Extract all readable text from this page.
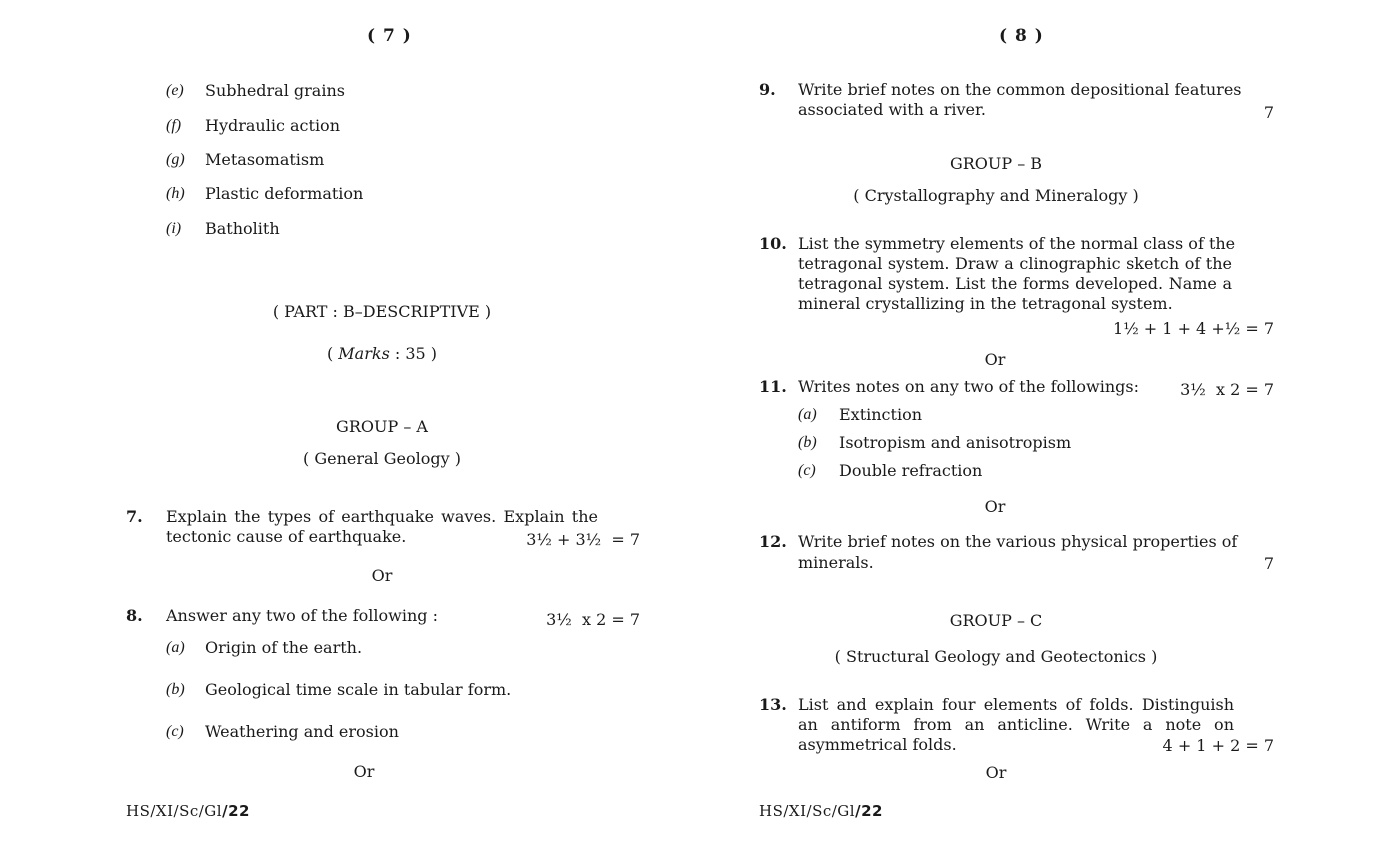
( 7 )
(e) Subhedral grains
(f) Hydraulic action
(g) Metasomatism
(h) Plastic deformation
(i) Batholith
( PART : B–DESCRIPTIVE )
( Marks : 35 )
GROUP – A
( General Geology )
7. Explain the types of earthquake waves. Explain the
tectonic cause of earthquake.	3½ + 3½  = 7
Or
8. Answer any two of the following :	3½  x 2 = 7
(a) Origin of the earth.
(b) Geological time scale in tabular form.
(c) Weathering and erosion
Or
HS/XI/Sc/Gl/22
( 8 )
9. Write brief notes on the common depositional features
associated with a river.	7
GROUP – B
( Crystallography and Mineralogy )
10. List the symmetry elements of the normal class of the
tetragonal system. Draw a clinographic sketch of the
tetragonal system. List the forms developed. Name a
mineral crystallizing in the tetragonal system.
1½ + 1 + 4 +½ = 7
Or
11. Writes notes on any two of the followings:	3½  x 2 = 7
(a) Extinction
(b) Isotropism and anisotropism
(c) Double refraction
Or
12. Write brief notes on the various physical properties of
minerals.	7
GROUP – C
( Structural Geology and Geotectonics )
13. List and explain four elements of folds. Distinguish
an antiform from an anticline. Write a note on
asymmetrical folds.	4 + 1 + 2 = 7
Or
HS/XI/Sc/Gl/22
